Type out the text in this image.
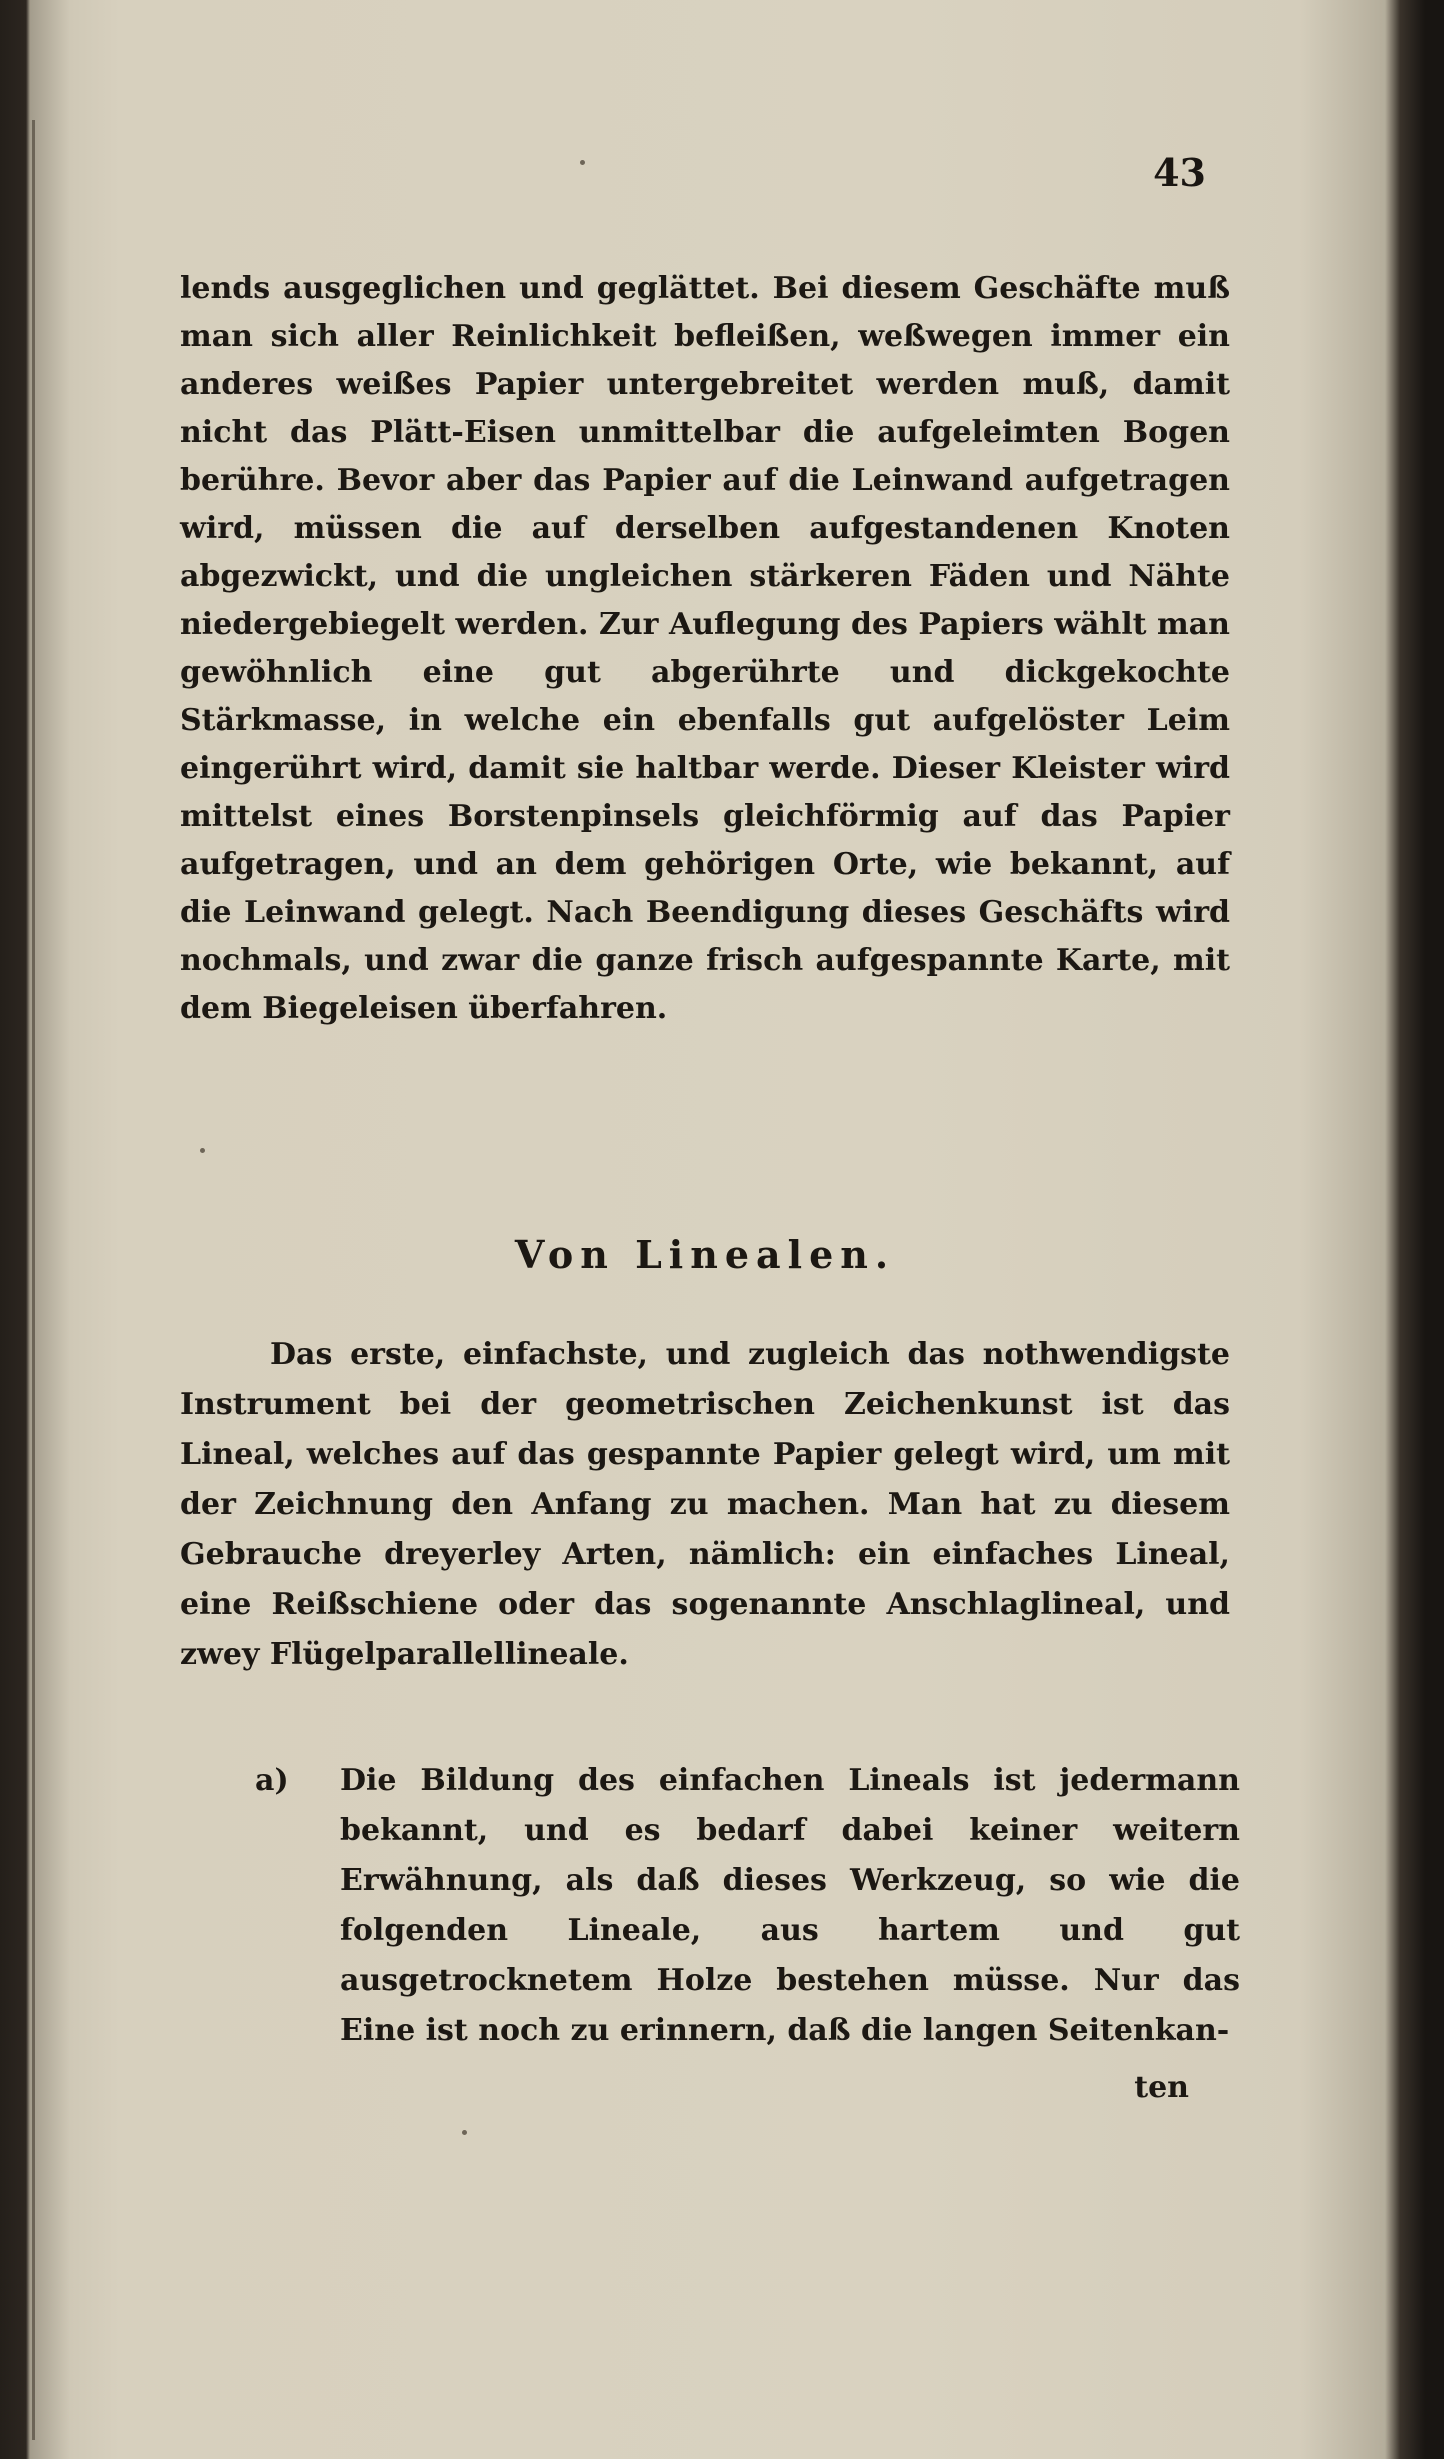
43

lends ausgeglichen und geglättet. Bei diesem Geschäfte muß man sich aller Reinlichkeit befleißen, weßwegen immer ein anderes weißes Papier untergebreitet werden muß, damit nicht das Plätt-Eisen unmittelbar die aufgeleimten Bogen berühre. Bevor aber das Papier auf die Leinwand aufgetragen wird, müssen die auf derselben aufgestandenen Knoten abgezwickt, und die ungleichen stärkeren Fäden und Nähte niedergebiegelt werden. Zur Auflegung des Papiers wählt man gewöhnlich eine gut abgerührte und dickgekochte Stärkmasse, in welche ein ebenfalls gut aufgelöster Leim eingerührt wird, damit sie haltbar werde. Dieser Kleister wird mittelst eines Borstenpinsels gleichförmig auf das Papier aufgetragen, und an dem gehörigen Orte, wie bekannt, auf die Leinwand gelegt. Nach Beendigung dieses Geschäfts wird nochmals, und zwar die ganze frisch aufgespannte Karte, mit dem Biegeleisen überfahren.

Von Linealen.

Das erste, einfachste, und zugleich das nothwendigste Instrument bei der geometrischen Zeichenkunst ist das Lineal, welches auf das gespannte Papier gelegt wird, um mit der Zeichnung den Anfang zu machen. Man hat zu diesem Gebrauche dreyerley Arten, nämlich: ein einfaches Lineal, eine Reißschiene oder das sogenannte Anschlaglineal, und zwey Flügelparallellineale.

a) Die Bildung des einfachen Lineals ist jedermann bekannt, und es bedarf dabei keiner weitern Erwähnung, als daß dieses Werkzeug, so wie die folgenden Lineale, aus hartem und gut ausgetrocknetem Holze bestehen müsse. Nur das Eine ist noch zu erinnern, daß die langen Seitenkan-
ten
